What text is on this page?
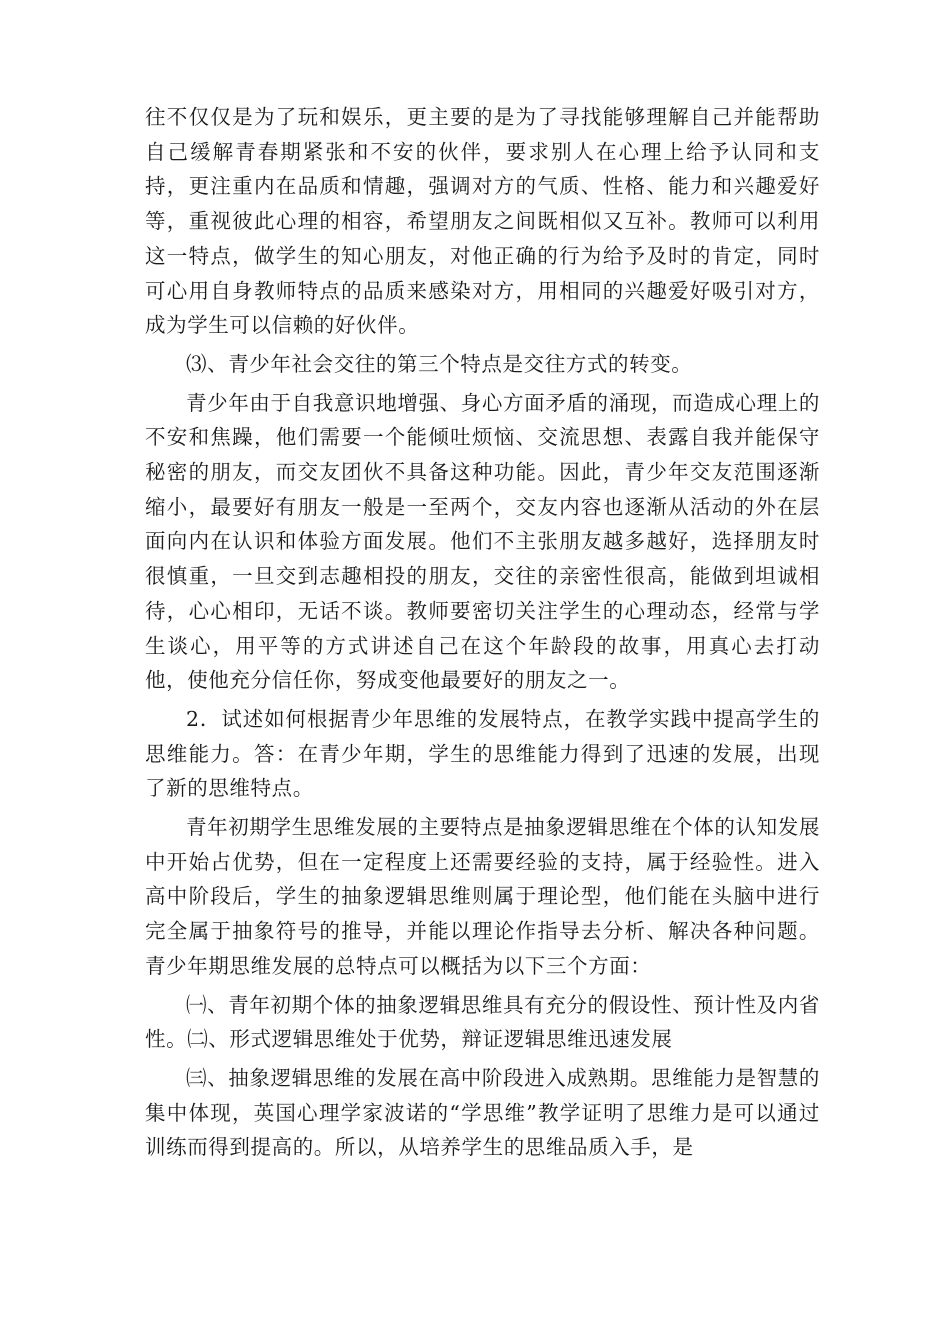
往不仅仅是为了玩和娱乐，更主要的是为了寻找能够理解自己并能帮助自己缓解青春期紧张和不安的伙伴，要求别人在心理上给予认同和支持，更注重内在品质和情趣，强调对方的气质、性格、能力和兴趣爱好等，重视彼此心理的相容，希望朋友之间既相似又互补。教师可以利用这一特点，做学生的知心朋友，对他正确的行为给予及时的肯定，同时可心用自身教师特点的品质来感染对方，用相同的兴趣爱好吸引对方，成为学生可以信赖的好伙伴。

⑶、青少年社会交往的第三个特点是交往方式的转变。

青少年由于自我意识地增强、身心方面矛盾的涌现，而造成心理上的不安和焦躁，他们需要一个能倾吐烦恼、交流思想、表露自我并能保守秘密的朋友，而交友团伙不具备这种功能。因此，青少年交友范围逐渐缩小，最要好有朋友一般是一至两个，交友内容也逐渐从活动的外在层面向内在认识和体验方面发展。他们不主张朋友越多越好，选择朋友时很慎重，一旦交到志趣相投的朋友，交往的亲密性很高，能做到坦诚相待，心心相印，无话不谈。教师要密切关注学生的心理动态，经常与学生谈心，用平等的方式讲述自己在这个年龄段的故事，用真心去打动他，使他充分信任你，努成变他最要好的朋友之一。

2．试述如何根据青少年思维的发展特点，在教学实践中提高学生的思维能力。答：在青少年期，学生的思维能力得到了迅速的发展，出现了新的思维特点。

青年初期学生思维发展的主要特点是抽象逻辑思维在个体的认知发展中开始占优势，但在一定程度上还需要经验的支持，属于经验性。进入高中阶段后，学生的抽象逻辑思维则属于理论型，他们能在头脑中进行完全属于抽象符号的推导，并能以理论作指导去分析、解决各种问题。青少年期思维发展的总特点可以概括为以下三个方面：

㈠、青年初期个体的抽象逻辑思维具有充分的假设性、预计性及内省性。㈡、形式逻辑思维处于优势，辩证逻辑思维迅速发展

㈢、抽象逻辑思维的发展在高中阶段进入成熟期。思维能力是智慧的集中体现，英国心理学家波诺的“学思维”教学证明了思维力是可以通过训练而得到提高的。所以，从培养学生的思维品质入手，是
